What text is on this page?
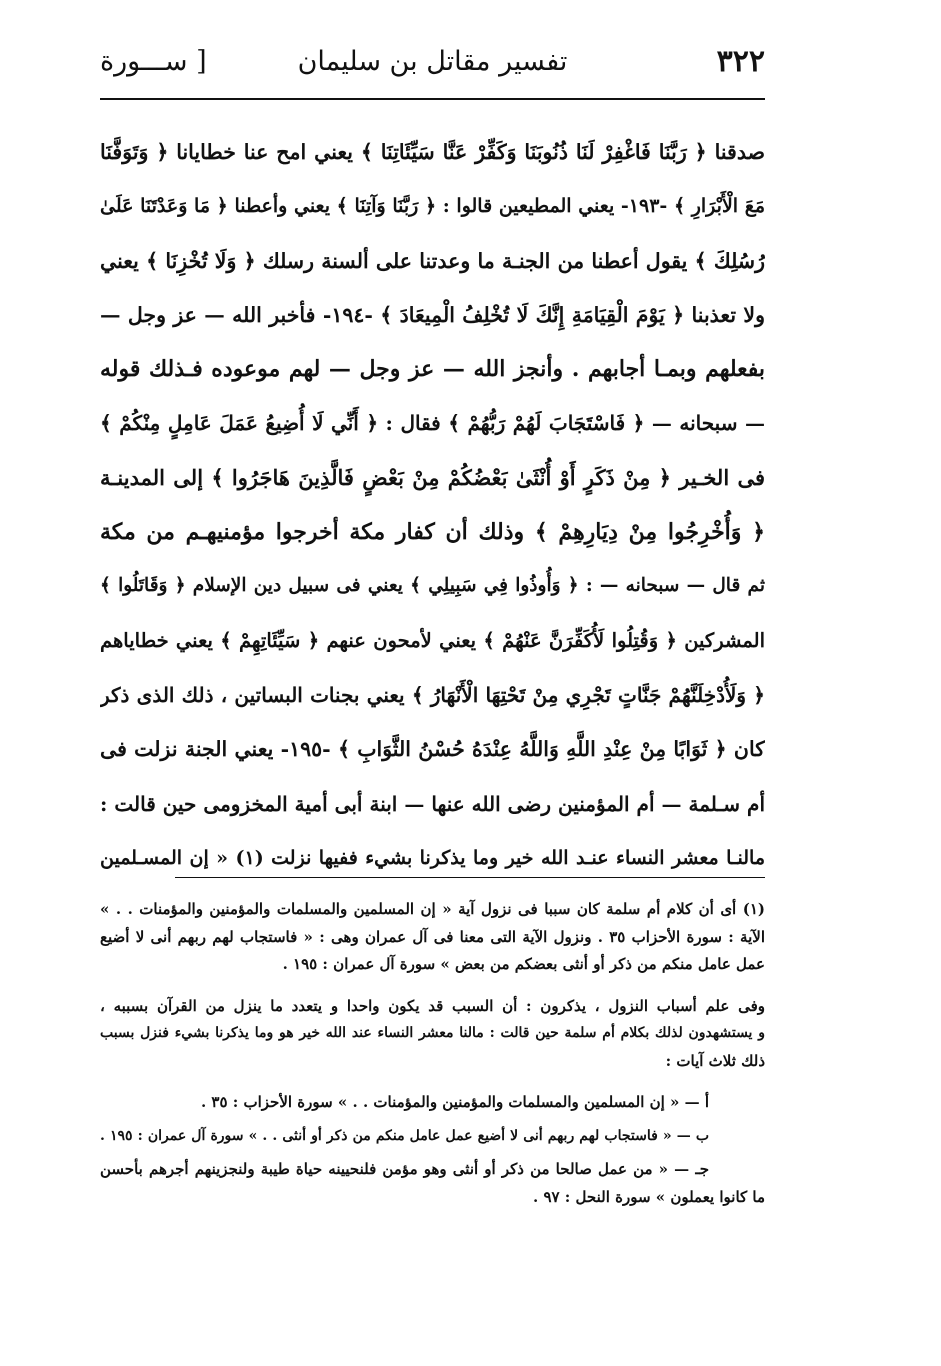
٣٢٢
تفسير مقاتل بن سليمان
[ ســـورة
صدقنا ﴿ رَبَّنَا فَاغْفِرْ لَنَا ذُنُوبَنَا وَكَفِّرْ عَنَّا سَيِّئَاتِنَا ﴾ يعني امح عنا خطايانا ﴿ وَتَوَفَّنَا
مَعَ الْأَبْرَارِ ﴾ -١٩٣- يعني المطيعين قالوا : ﴿ رَبَّنَا وَآتِنَا ﴾ يعني وأعطنا ﴿ مَا وَعَدْتَنَا عَلَىٰ
رُسُلِكَ ﴾ يقول أعطنا من الجنـة ما وعدتنا على ألسنة رسلك ﴿ وَلَا تُخْزِنَا ﴾ يعني
ولا تعذبنا ﴿ يَوْمَ الْقِيَامَةِ إِنَّكَ لَا تُخْلِفُ الْمِيعَادَ ﴾ -١٩٤- فأخبر الله — عز وجل —
بفعلهم وبمـا أجابهم . وأنجز الله — عز وجل — لهم موعوده فـذلك قوله
— سبحانه — ﴿ فَاسْتَجَابَ لَهُمْ رَبُّهُمْ ﴾ فقال : ﴿ أَنِّي لَا أُضِيعُ عَمَلَ عَامِلٍ مِنْكُمْ ﴾
فى الخـير ﴿ مِنْ ذَكَرٍ أَوْ أُنْثَىٰ بَعْضُكُمْ مِنْ بَعْضٍ فَالَّذِينَ هَاجَرُوا ﴾ إلى المدينـة
﴿ وَأُخْرِجُوا مِنْ دِيَارِهِمْ ﴾ وذلك أن كفار مكة أخرجوا مؤمنيهـم من مكة
ثم قال — سبحانه — : ﴿ وَأُوذُوا فِي سَبِيلِي ﴾ يعني فى سبيل دين الإسلام ﴿ وَقَاتَلُوا ﴾
المشركين ﴿ وَقُتِلُوا لَأُكَفِّرَنَّ عَنْهُمْ ﴾ يعني لأمحون عنهم ﴿ سَيِّئَاتِهِمْ ﴾ يعني خطاياهم
﴿ وَلَأُدْخِلَنَّهُمْ جَنَّاتٍ تَجْرِي مِنْ تَحْتِهَا الْأَنْهَارُ ﴾ يعني بجنات البساتين ، ذلك الذى ذكر
كان ﴿ ثَوَابًا مِنْ عِنْدِ اللَّهِ وَاللَّهُ عِنْدَهُ حُسْنُ الثَّوَابِ ﴾ -١٩٥- يعني الجنة نزلت فى
أم سـلمة — أم المؤمنين رضى الله عنها — ابنة أبى أمية المخزومى حين قالت :
مالنـا معشر النساء عنـد الله خير وما يذكرنا بشيء ففيها نزلت (١) « إن المسـلمين
(١) أى أن كلام أم سلمة كان سببا فى نزول آية « إن المسلمين والمسلمات والمؤمنين والمؤمنات . . »
الآية : سورة الأحزاب ٣٥ . ونزول الآية التى معنا فى آل عمران وهى : « فاستجاب لهم ربهم أنى لا أضيع
عمل عامل منكم من ذكر أو أنثى بعضكم من بعض » سورة آل عمران : ١٩٥ .
وفى علم أسباب النزول ، يذكرون : أن السبب قد يكون واحدا و يتعدد ما ينزل من القرآن بسببه ،
و يستشهدون لذلك بكلام أم سلمة حين قالت : مالنا معشر النساء عند الله خير هو وما يذكرنا بشيء فنزل بسبب
ذلك ثلاث آيات :
أ — « إن المسلمين والمسلمات والمؤمنين والمؤمنات . . » سورة الأحزاب : ٣٥ .
ب — « فاستجاب لهم ربهم أنى لا أضيع عمل عامل منكم من ذكر أو أنثى . . » سورة آل عمران : ١٩٥ .
جـ — « من عمل صالحا من ذكر أو أنثى وهو مؤمن فلنحيينه حياة طيبة ولنجزينهم أجرهم بأحسن
ما كانوا يعملون » سورة النحل : ٩٧ .
